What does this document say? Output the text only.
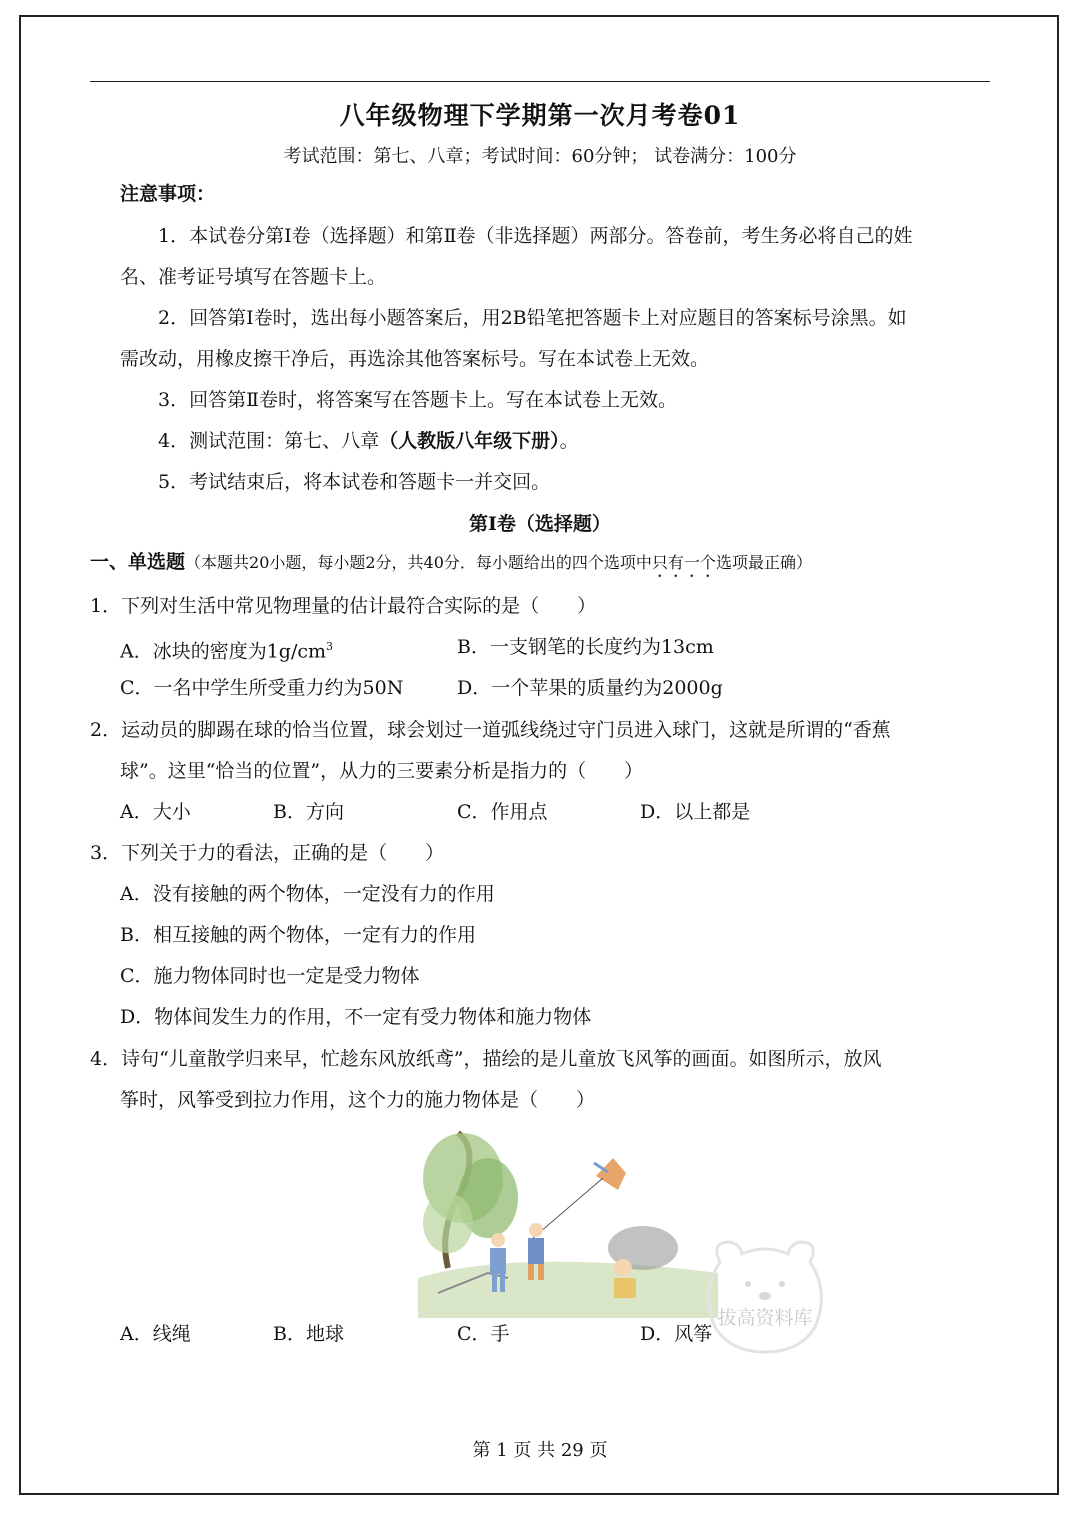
八年级物理下学期第一次月考卷01
考试范围：第七、八章；考试时间：60分钟； 试卷满分：100分
注意事项：
1．本试卷分第Ⅰ卷（选择题）和第Ⅱ卷（非选择题）两部分。答卷前，考生务必将自己的姓
名、准考证号填写在答题卡上。
2．回答第Ⅰ卷时，选出每小题答案后，用2B铅笔把答题卡上对应题目的答案标号涂黑。如
需改动，用橡皮擦干净后，再选涂其他答案标号。写在本试卷上无效。
3．回答第Ⅱ卷时，将答案写在答题卡上。写在本试卷上无效。
4．测试范围：第七、八章（人教版八年级下册）。
5．考试结束后，将本试卷和答题卡一并交回。
第Ⅰ卷（选择题）
一、单选题（本题共20小题，每小题2分，共40分．每小题给出的四个选项中只有一个选项最正确）
1．下列对生活中常见物理量的估计最符合实际的是（　　）
A．冰块的密度为$1g/cm^3$	B．一支钢笔的长度约为13cm
C．一名中学生所受重力约为50N	D．一个苹果的质量约为2000g
2．运动员的脚踢在球的恰当位置，球会划过一道弧线绕过守门员进入球门，这就是所谓的“香蕉
球”。这里“恰当的位置”，从力的三要素分析是指力的（　　）
A．大小	B．方向	C．作用点	D．以上都是
3．下列关于力的看法，正确的是（　　）
A．没有接触的两个物体，一定没有力的作用
B．相互接触的两个物体，一定有力的作用
C．施力物体同时也一定是受力物体
D．物体间发生力的作用，不一定有受力物体和施力物体
4．诗句“儿童散学归来早，忙趁东风放纸鸢”，描绘的是儿童放飞风筝的画面。如图所示，放风
筝时，风筝受到拉力作用，这个力的施力物体是（　　）
拔高资料库
A．线绳	B．地球	C．手	D．风筝
第 1 页 共 29 页
